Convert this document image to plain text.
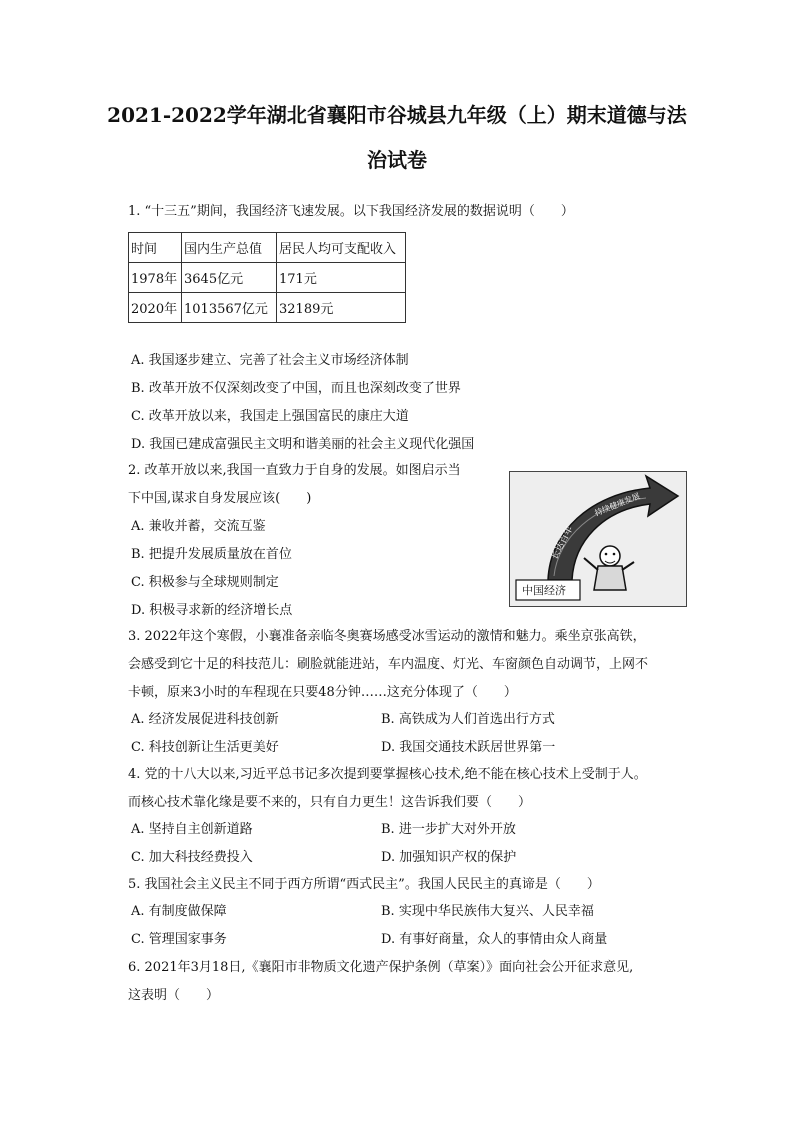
2021-2022学年湖北省襄阳市谷城县九年级（上）期末道德与法
治试卷
1. “十三五”期间，我国经济飞速发展。以下我国经济发展的数据说明（　　）
时间	国内生产总值	居民人均可支配收入
1978年	3645亿元	171元
2020年	1013567亿元	32189元
A. 我国逐步建立、完善了社会主义市场经济体制
B. 改革开放不仅深刻改变了中国，而且也深刻改变了世界
C. 改革开放以来，我国走上强国富民的康庄大道
D. 我国已建成富强民主文明和谐美丽的社会主义现代化强国
2. 改革开放以来,我国一直致力于自身的发展。如图启示当
下中国,谋求自身发展应该(　　)
A. 兼收并蓄，交流互鉴
B. 把提升发展质量放在首位
C. 积极参与全球规则制定
D. 积极寻求新的经济增长点
长达百年
持续健康发展
中国经济
3. 2022年这个寒假，小襄准备亲临冬奥赛场感受冰雪运动的激情和魅力。乘坐京张高铁，
会感受到它十足的科技范儿：刷脸就能进站，车内温度、灯光、车窗颜色自动调节，上网不
卡顿，原来3小时的车程现在只要48分钟……这充分体现了（　　）
A. 经济发展促进科技创新	B. 高铁成为人们首选出行方式
C. 科技创新让生活更美好	D. 我国交通技术跃居世界第一
4. 党的十八大以来,习近平总书记多次提到要掌握核心技术,绝不能在核心技术上受制于人。
而核心技术靠化缘是要不来的，只有自力更生！这告诉我们要（　　）
A. 坚持自主创新道路	B. 进一步扩大对外开放
C. 加大科技经费投入	D. 加强知识产权的保护
5. 我国社会主义民主不同于西方所谓“西式民主”。我国人民民主的真谛是（　　）
A. 有制度做保障	B. 实现中华民族伟大复兴、人民幸福
C. 管理国家事务	D. 有事好商量，众人的事情由众人商量
6. 2021年3月18日,《襄阳市非物质文化遗产保护条例（草案）》面向社会公开征求意见,
这表明（　　）
